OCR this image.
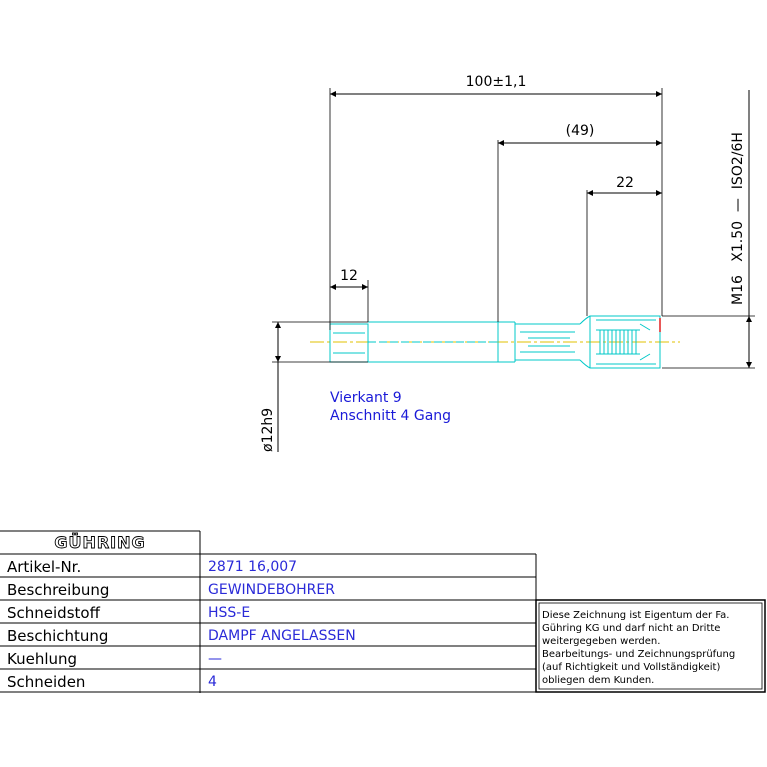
100±1,1
(49)
22
12
ø12h9
M16   X1.50  —  ISO2/6H
Vierkant 9
Anschnitt 4 Gang
GÜHRING
Artikel-Nr.
Beschreibung
Schneidstoff
Beschichtung
Kuehlung
Schneiden
2871 16,007
GEWINDEBOHRER
HSS-E
DAMPF ANGELASSEN
—
4
Diese Zeichnung ist Eigentum der Fa.
Gühring KG und darf nicht an Dritte
weitergegeben werden.
Bearbeitungs- und Zeichnungsprüfung
(auf Richtigkeit und Vollständigkeit)
obliegen dem Kunden.
